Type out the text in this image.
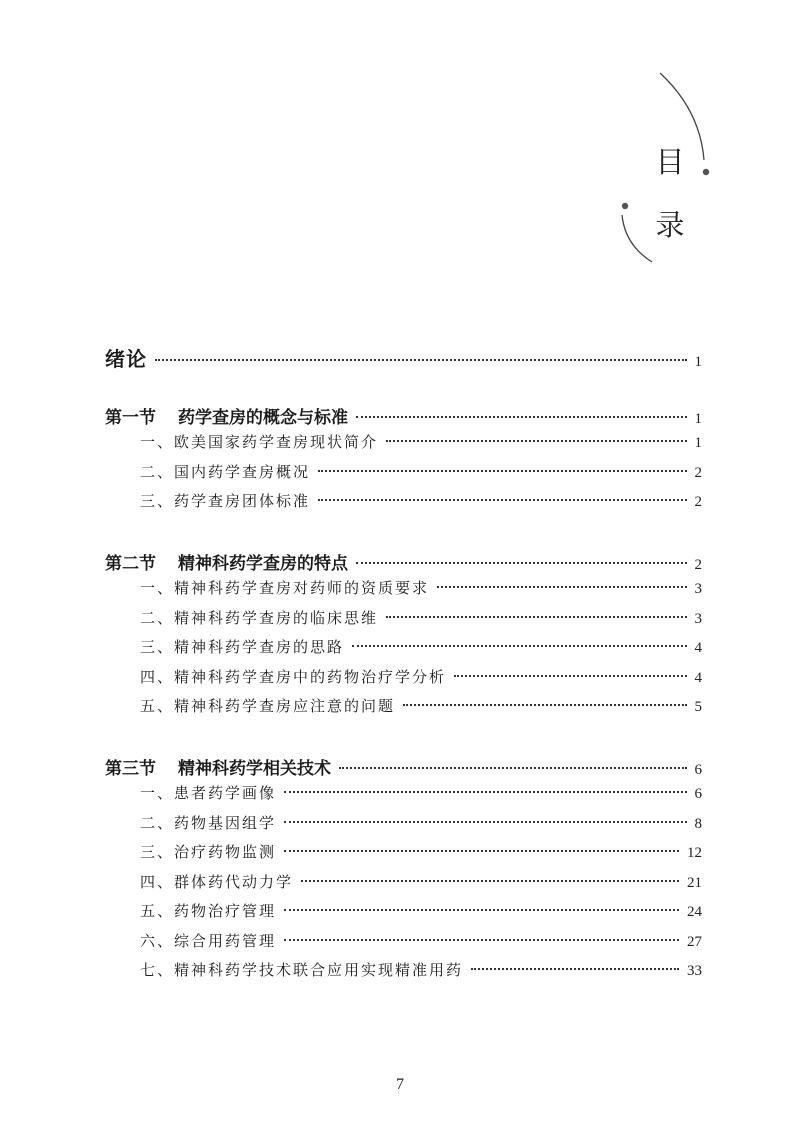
目
录
绪论	1
第一节 药学查房的概念与标准	1
一、欧美国家药学查房现状简介	1
二、国内药学查房概况	2
三、药学查房团体标准	2
第二节 精神科药学查房的特点	2
一、精神科药学查房对药师的资质要求	3
二、精神科药学查房的临床思维	3
三、精神科药学查房的思路	4
四、精神科药学查房中的药物治疗学分析	4
五、精神科药学查房应注意的问题	5
第三节 精神科药学相关技术	6
一、患者药学画像	6
二、药物基因组学	8
三、治疗药物监测	12
四、群体药代动力学	21
五、药物治疗管理	24
六、综合用药管理	27
七、精神科药学技术联合应用实现精准用药	33
7
